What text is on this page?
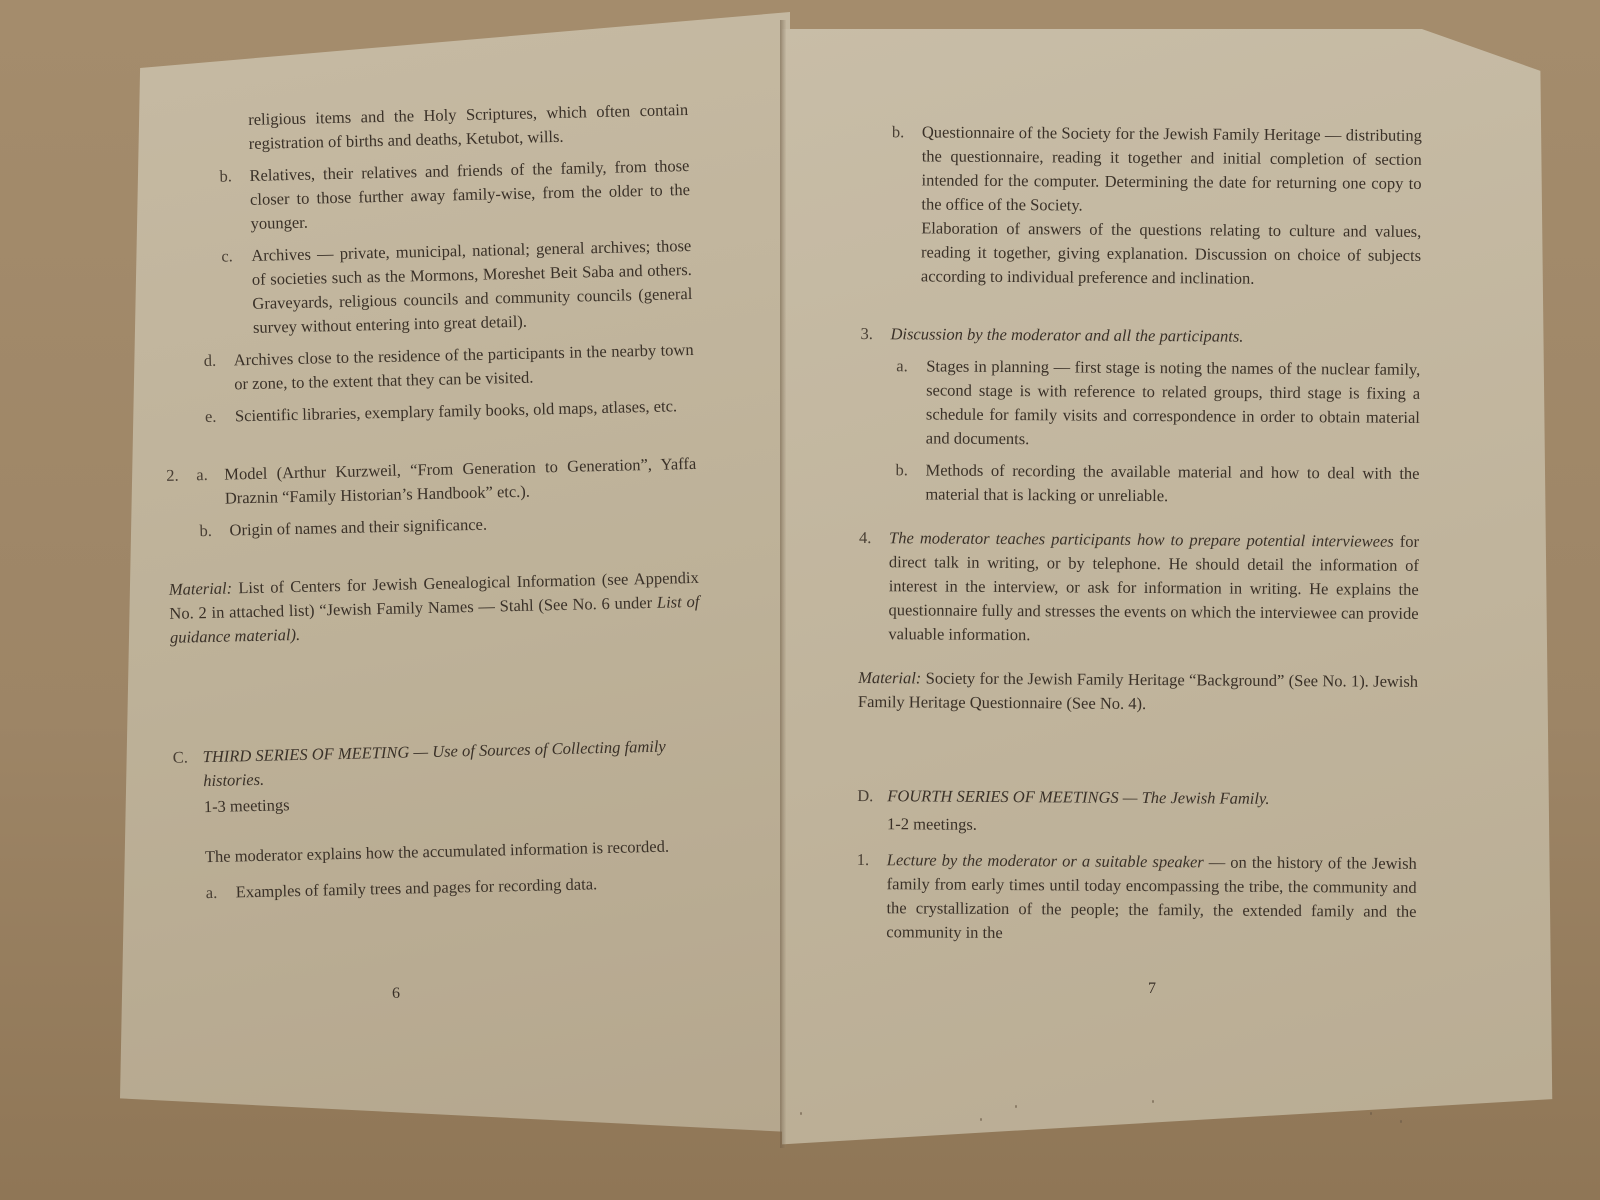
religious items and the Holy Scriptures, which often contain registration of births and deaths, Ketubot, wills.
b.	Relatives, their relatives and friends of the family, from those closer to those further away family-wise, from the older to the younger.
c.	Archives — private, municipal, national; general archives; those of societies such as the Mormons, Moreshet Beit Saba and others. Graveyards, religious councils and community councils (general survey without entering into great detail).
d.	Archives close to the residence of the participants in the nearby town or zone, to the extent that they can be visited.
e.	Scientific libraries, exemplary family books, old maps, atlases, etc.
2.	a. Model (Arthur Kurzweil, “From Generation to Generation”, Yaffa Draznin “Family Historian’s Handbook” etc.).
b.	Origin of names and their significance.
Material: List of Centers for Jewish Genealogical Information (see Appendix No. 2 in attached list) “Jewish Family Names — Stahl (See No. 6 under List of guidance material).
C. THIRD SERIES OF MEETING — Use of Sources of Collecting family histories.
1-3 meetings
The moderator explains how the accumulated information is recorded.
a.	Examples of family trees and pages for recording data.
6
b.	Questionnaire of the Society for the Jewish Family Heritage — distributing the questionnaire, reading it together and initial completion of section intended for the computer. Determining the date for returning one copy to the office of the Society.
Elaboration of answers of the questions relating to culture and values, reading it together, giving explanation. Discussion on choice of subjects according to individual preference and inclination.
3.	Discussion by the moderator and all the participants.
a.	Stages in planning — first stage is noting the names of the nuclear family, second stage is with reference to related groups, third stage is fixing a schedule for family visits and correspondence in order to obtain material and documents.
b.	Methods of recording the available material and how to deal with the material that is lacking or unreliable.
4.	The moderator teaches participants how to prepare potential interviewees for direct talk in writing, or by telephone. He should detail the information of interest in the interview, or ask for information in writing. He explains the questionnaire fully and stresses the events on which the interviewee can provide valuable information.
Material: Society for the Jewish Family Heritage “Background” (See No. 1). Jewish Family Heritage Questionnaire (See No. 4).
D. FOURTH SERIES OF MEETINGS — The Jewish Family.
1-2 meetings.
1.	Lecture by the moderator or a suitable speaker — on the history of the Jewish family from early times until today encompassing the tribe, the community and the crystallization of the people; the family, the extended family and the community in the
7
